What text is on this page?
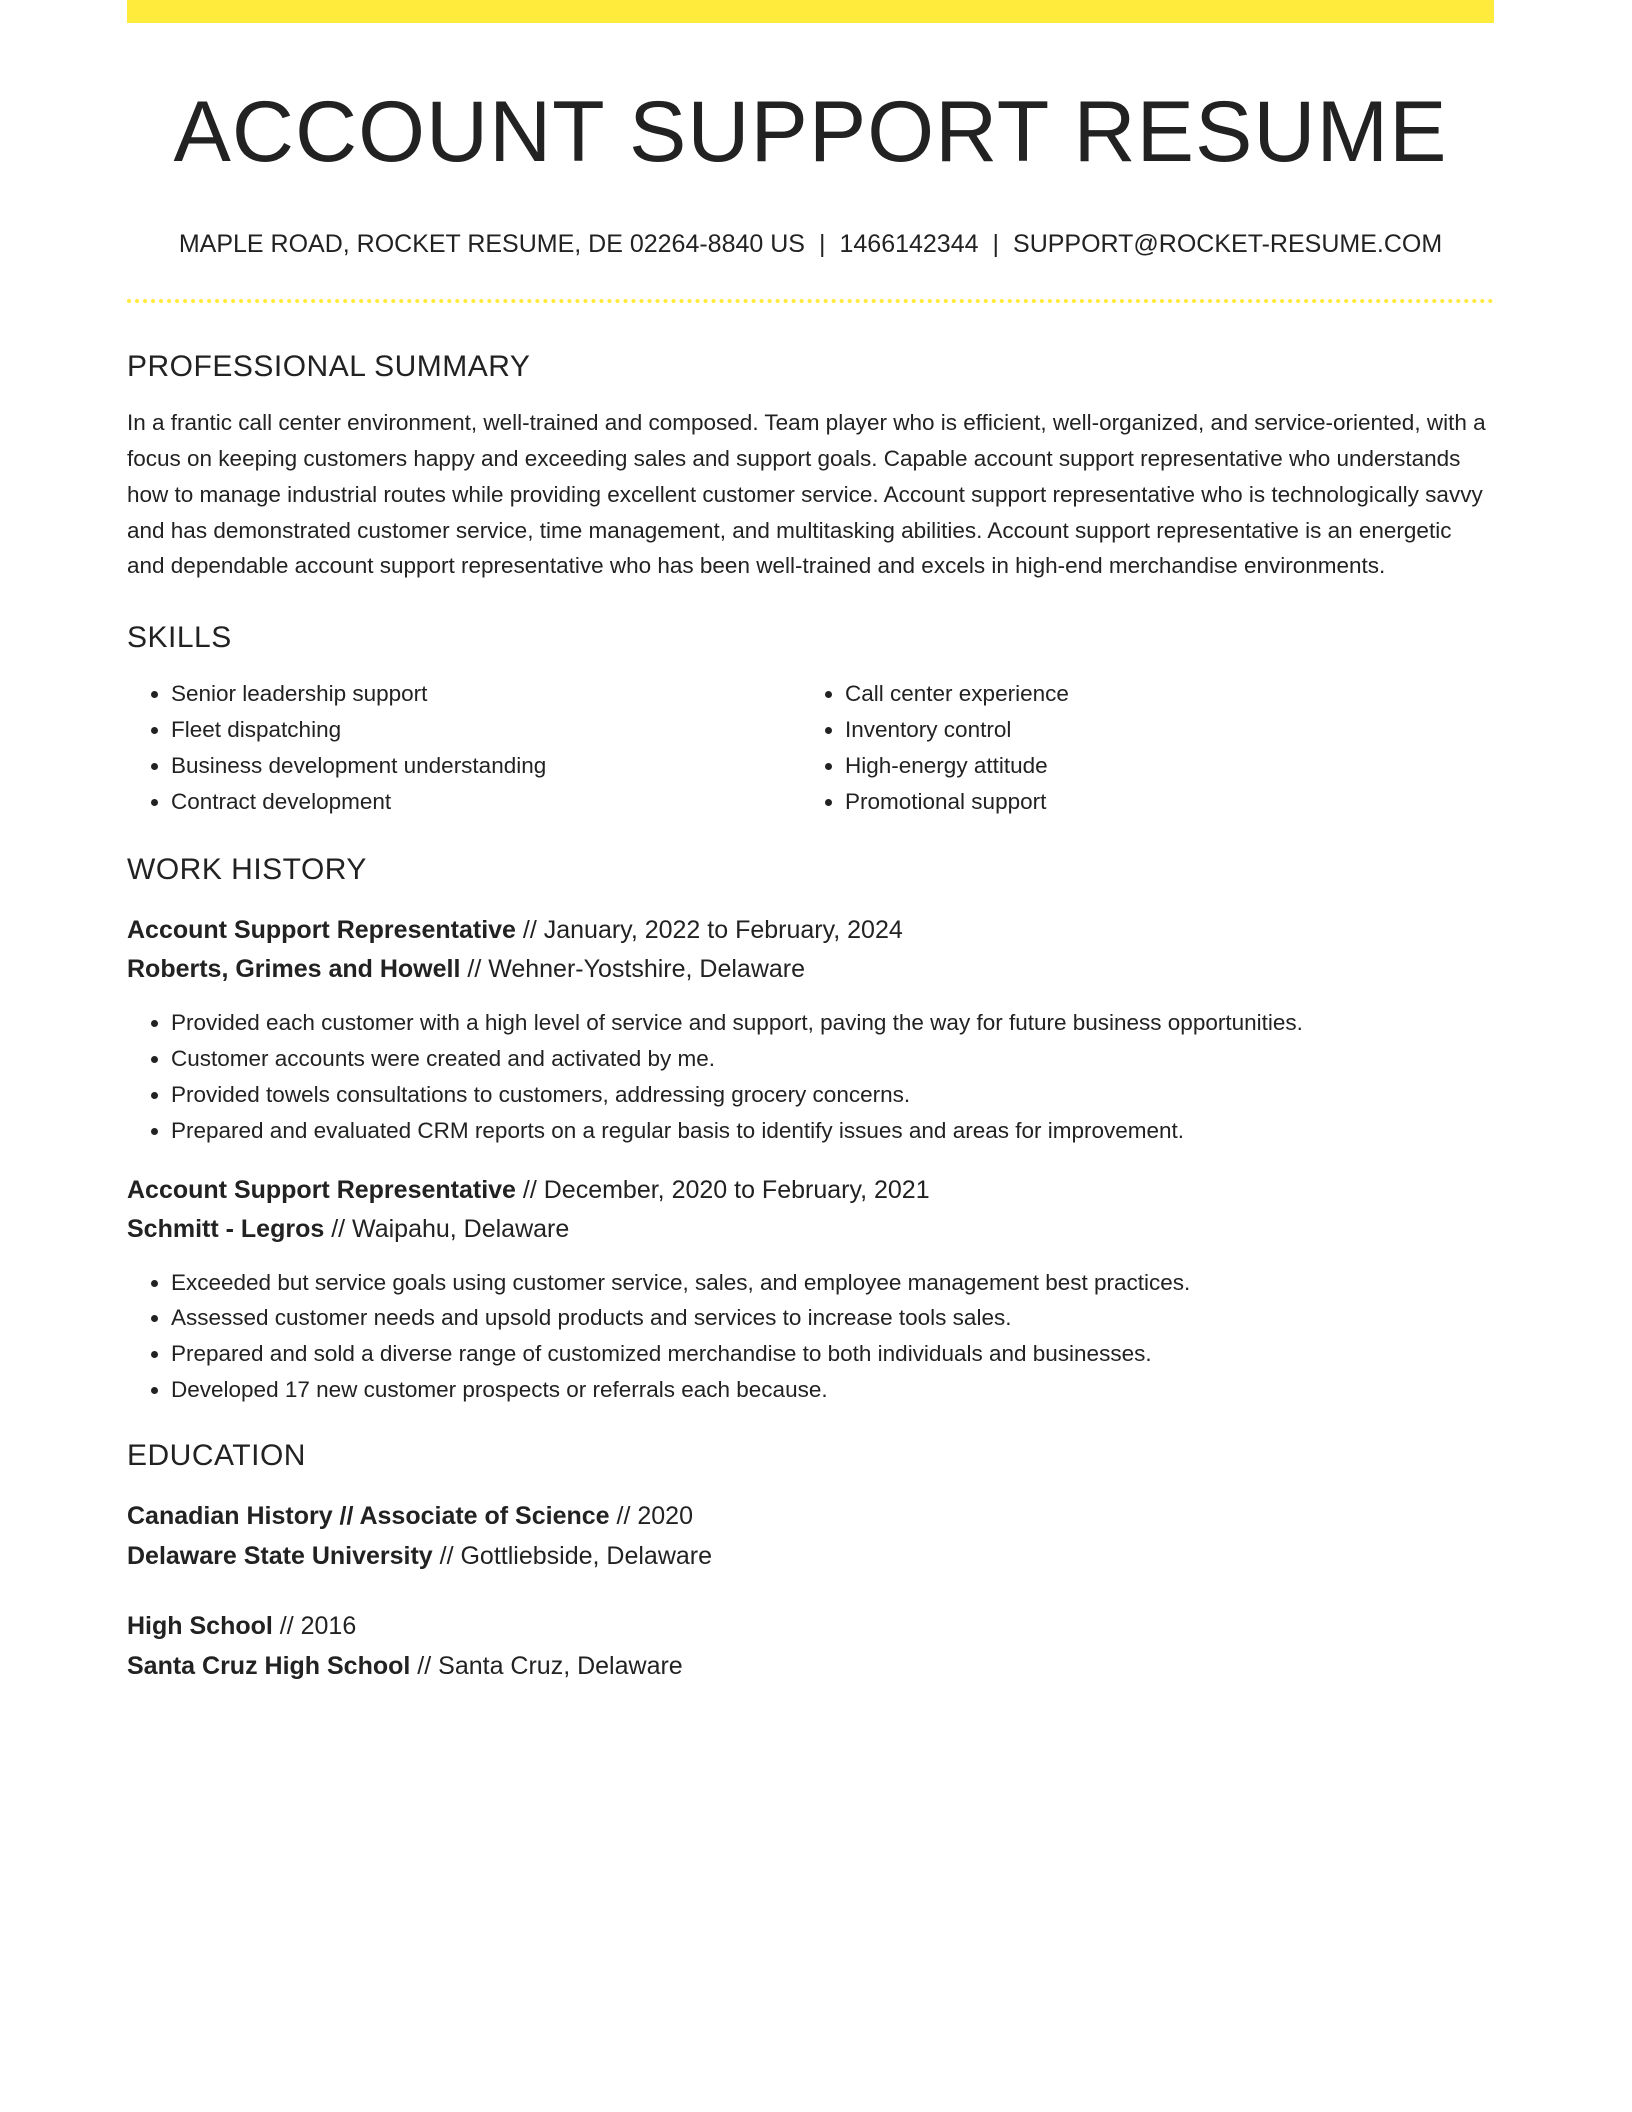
ACCOUNT SUPPORT RESUME
MAPLE ROAD, ROCKET RESUME, DE 02264-8840 US | 1466142344 | SUPPORT@ROCKET-RESUME.COM
PROFESSIONAL SUMMARY
In a frantic call center environment, well-trained and composed. Team player who is efficient, well-organized, and service-oriented, with a focus on keeping customers happy and exceeding sales and support goals. Capable account support representative who understands how to manage industrial routes while providing excellent customer service. Account support representative who is technologically savvy and has demonstrated customer service, time management, and multitasking abilities. Account support representative is an energetic and dependable account support representative who has been well-trained and excels in high-end merchandise environments.
SKILLS
• Senior leadership support
• Fleet dispatching
• Business development understanding
• Contract development
• Call center experience
• Inventory control
• High-energy attitude
• Promotional support
WORK HISTORY
Account Support Representative // January, 2022 to February, 2024
Roberts, Grimes and Howell // Wehner-Yostshire, Delaware
• Provided each customer with a high level of service and support, paving the way for future business opportunities.
• Customer accounts were created and activated by me.
• Provided towels consultations to customers, addressing grocery concerns.
• Prepared and evaluated CRM reports on a regular basis to identify issues and areas for improvement.
Account Support Representative // December, 2020 to February, 2021
Schmitt - Legros // Waipahu, Delaware
• Exceeded but service goals using customer service, sales, and employee management best practices.
• Assessed customer needs and upsold products and services to increase tools sales.
• Prepared and sold a diverse range of customized merchandise to both individuals and businesses.
• Developed 17 new customer prospects or referrals each because.
EDUCATION
Canadian History // Associate of Science // 2020
Delaware State University // Gottliebside, Delaware
High School // 2016
Santa Cruz High School // Santa Cruz, Delaware
